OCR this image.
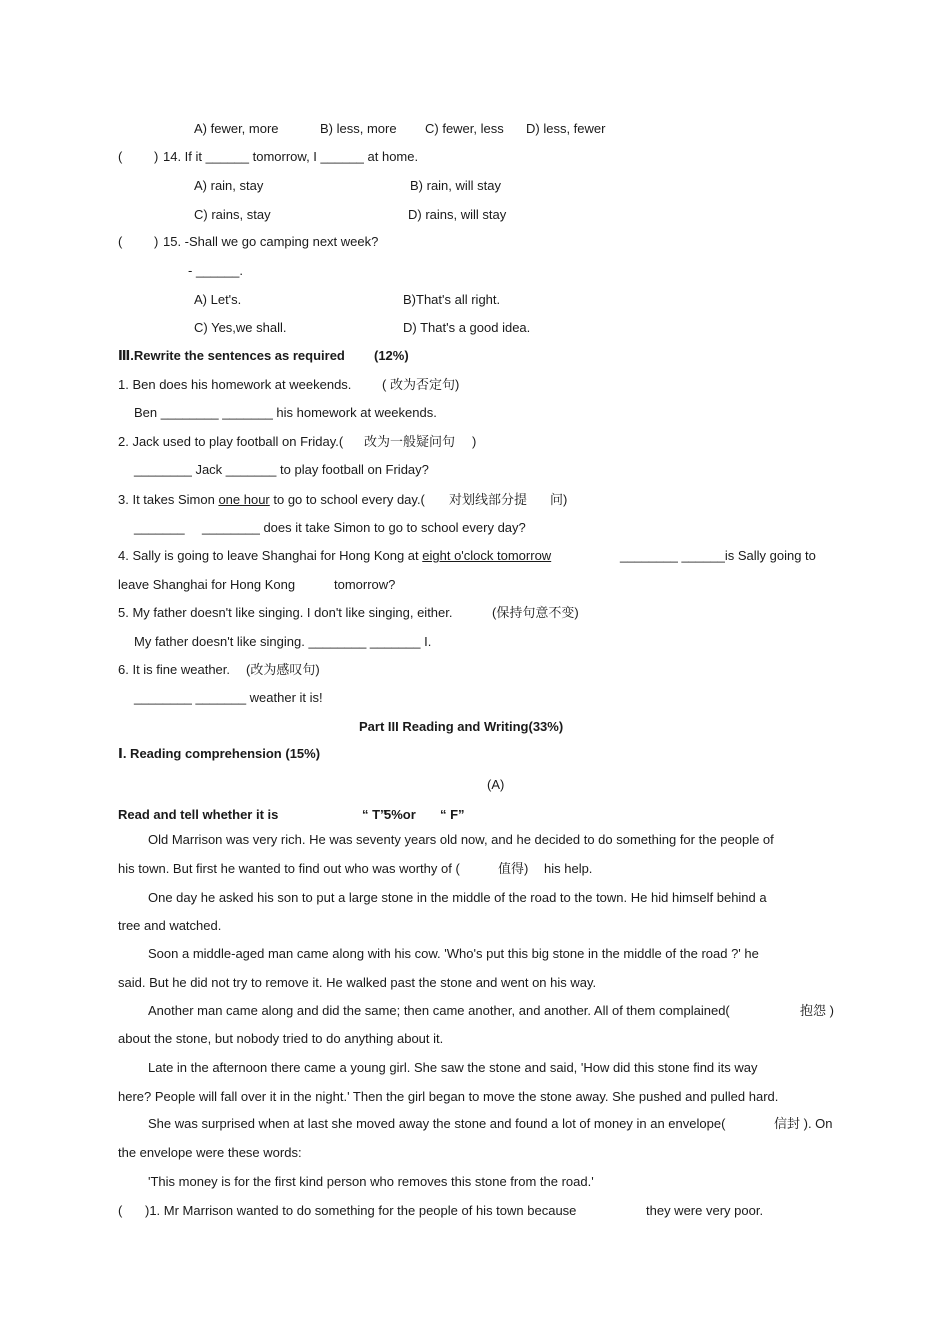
A) fewer, more	B) less, more C) fewer, less D) less, fewer
( ) 14. If it ______ tomorrow, I ______ at home.
A) rain, stay	B) rain, will stay
C) rains, stay	D) rains, will stay
( ) 15. -Shall we go camping next week?
- ______.
A) Let's.	B)That's all right.
C) Yes,we shall.	D) That's a good idea.
Ⅲ.Rewrite the sentences as required (12%)
1. Ben does his homework at weekends. ( 改为否定句)
Ben ________ _______ his homework at weekends.
2. Jack used to play football on Friday.( 改为一般疑问句 )
________ Jack _______ to play football on Friday?
3. It takes Simon one hour to go to school every day.( 对划线部分提 问)
_______ ________ does it take Simon to go to school every day?
4. Sally is going to leave Shanghai for Hong Kong at eight o'clock tomorrow	________ ______is Sally going to
leave Shanghai for Hong Kong	tomorrow?
5. My father doesn't like singing. I don't like singing, either.	(保持句意不变)
My father doesn't like singing. ________ _______ I.
6. It is fine weather. (改为感叹句)
________ _______ weather it is!
Part III Reading and Writing(33%)
Ⅰ. Reading comprehension (15%)
(A)
Read and tell whether it is	“ T”
5%or “ F”
Old Marrison was very rich. He was seventy years old now, and he decided to do something for the people of
his town. But first he wanted to find out who was worthy of (	值得) his help.
One day he asked his son to put a large stone in the middle of the road to the town. He hid himself behind a
tree and watched.
Soon a middle-aged man came along with his cow. 'Who's put this big stone in the middle of the road ?' he
said. But he did not try to remove it. He walked past the stone and went on his way.
Another man came along and did the same; then came another, and another. All of them complained(	抱怨 )
about the stone, but nobody tried to do anything about it.
Late in the afternoon there came a young girl. She saw the stone and said, 'How did this stone find its way
here? People will fall over it in the night.' Then the girl began to move the stone away. She pushed and pulled hard.
She was surprised when at last she moved away the stone and found a lot of money in an envelope(	信封 ). On
the envelope were these words:
'This money is for the first kind person who removes this stone from the road.'
( )1. Mr Marrison wanted to do something for the people of his town because	they were very poor.
